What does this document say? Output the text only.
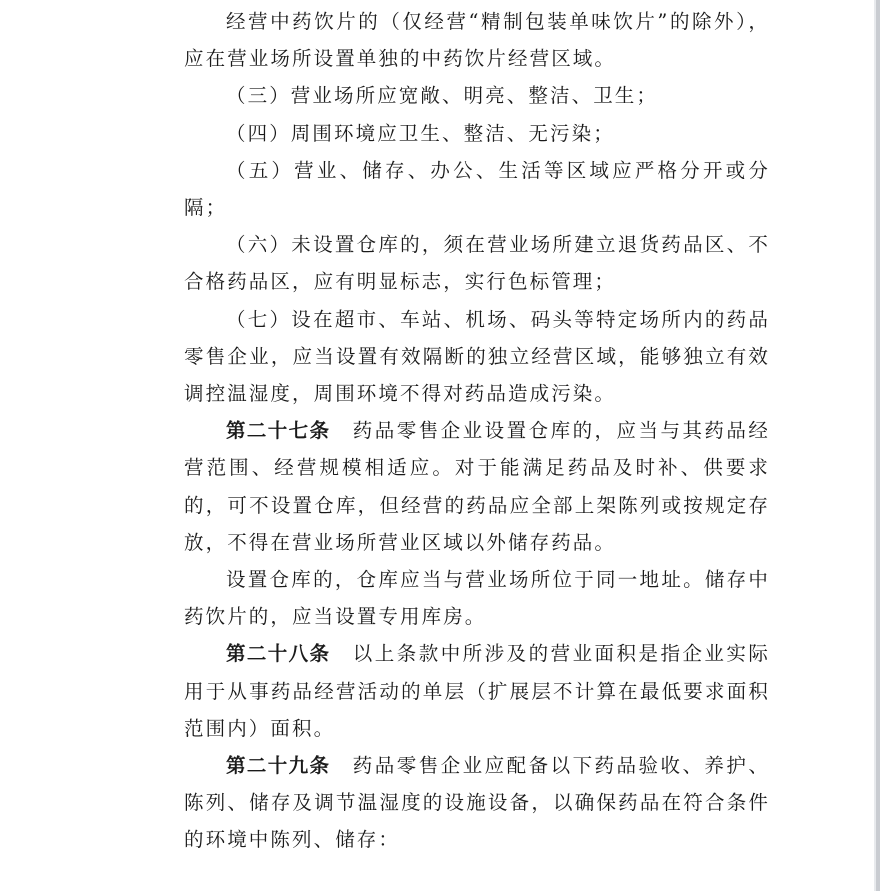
经营中药饮片的（仅经营“精制包装单味饮片”的除外），应在营业场所设置单独的中药饮片经营区域。

（三）营业场所应宽敞、明亮、整洁、卫生；

（四）周围环境应卫生、整洁、无污染；

（五）营业、储存、办公、生活等区域应严格分开或分隔；

（六）未设置仓库的，须在营业场所建立退货药品区、不合格药品区，应有明显标志，实行色标管理；

（七）设在超市、车站、机场、码头等特定场所内的药品零售企业，应当设置有效隔断的独立经营区域，能够独立有效调控温湿度，周围环境不得对药品造成污染。

第二十七条 药品零售企业设置仓库的，应当与其药品经营范围、经营规模相适应。对于能满足药品及时补、供要求的，可不设置仓库，但经营的药品应全部上架陈列或按规定存放，不得在营业场所营业区域以外储存药品。

设置仓库的，仓库应当与营业场所位于同一地址。储存中药饮片的，应当设置专用库房。

第二十八条 以上条款中所涉及的营业面积是指企业实际用于从事药品经营活动的单层（扩展层不计算在最低要求面积范围内）面积。

第二十九条 药品零售企业应配备以下药品验收、养护、陈列、储存及调节温湿度的设施设备，以确保药品在符合条件的环境中陈列、储存：
